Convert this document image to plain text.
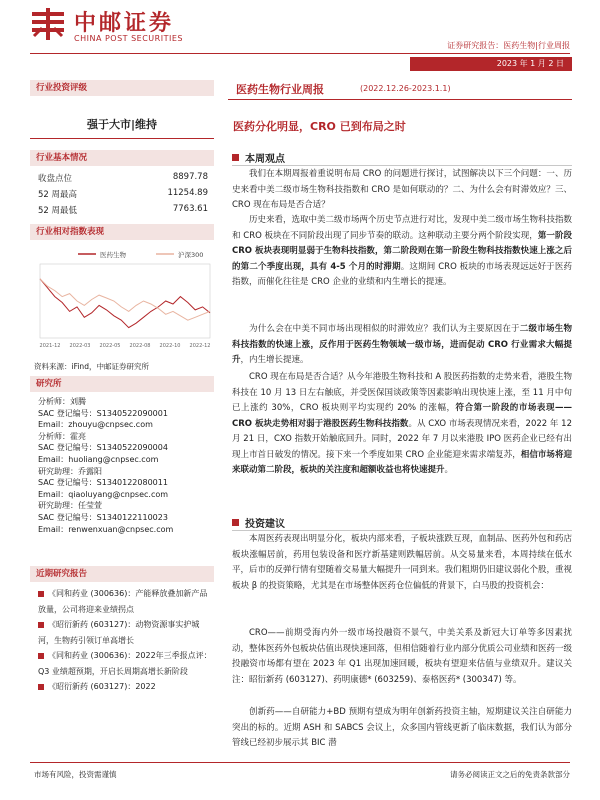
中邮证券
CHINA POST SECURITIES
证券研究报告：医药生物|行业周报
2023 年 1 月 2 日
行业投资评级
强于大市|维持
行业基本情况
收盘点位	8897.78
52 周最高	11254.89
52 周最低	7763.61
行业相对指数表现
医药生物	沪深300
2021-12 2022-03 2022-05 2022-08 2022-10 2022-12
资料来源：iFind，中邮证券研究所
研究所
分析师：刘腾
SAC 登记编号：S1340522090001
Email：zhouyu@cnpsec.com
分析师：霍亮
SAC 登记编号：S1340522090004
Email：huoliang@cnpsec.com
研究助理：乔露阳
SAC 登记编号：S1340122080011
Email：qiaoluyang@cnpsec.com
研究助理：任莹萱
SAC 登记编号：S1340122110023
Email：renwenxuan@cnpsec.com
近期研究报告
《同和药业 (300636)：产能释放叠加新产品放量，公司将迎来业绩拐点
《昭衍新药 (603127)：动物资源事实护城河，生物药引领订单高增长
《同和药业 (300636)：2022年三季报点评：Q3 业绩超预期，开启长周期高增长新阶段
《昭衍新药 (603127)：2022
医药生物行业周报	(2022.12.26-2023.1.1)
医药分化明显，CRO 已到布局之时
本周观点
我们在本期周报着重说明布局 CRO 的问题进行探讨，试图解决以下三个问题：一、历史来看中美二级市场生物科技指数和 CRO 是如何联动的？二、为什么会有时滞效应？三、CRO 现在布局是否合适？
历史来看，选取中美二级市场两个历史节点进行对比，发现中美二级市场生物科技指数和 CRO 板块在不同阶段出现了同步节奏的联动。这种联动主要分两个阶段实现，第一阶段 CRO 板块表现明显弱于生物科技指数，第二阶段则在第一阶段生物科技指数快速上涨之后的第二个季度出现，具有 4-5 个月的时滞期。这期间 CRO 板块的市场表现远远好于医药指数，而催化往往是 CRO 企业的业绩和内生增长的提速。
为什么会在中美不同市场出现相似的时滞效应？我们认为主要原因在于二级市场生物科技指数的快速上涨，反作用于医药生物领域一级市场，进而促动 CRO 行业需求大幅提升，内生增长提速。
CRO 现在布局是否合适？从今年港股生物科技和 A 股医药指数的走势来看，港股生物科技在 10 月 13 日左右触底，并受医保国谈政策等因素影响出现快速上涨，至 11 月中旬已上涨约 30%，CRO 板块则平均实现约 20% 的涨幅，符合第一阶段的市场表现——CRO 板块走势相对弱于港股医药生物科技指数。从 CXO 市场表现情况来看，2022 年 12 月 21 日，CXO 指数开始触底回升。同时，2022 年 7 月以来港股 IPO 医药企业已经有出现上市首日破发的情况。接下来一个季度如果 CRO 企业能迎来需求端复苏，相信市场将迎来联动第二阶段，板块的关注度和超额收益也将快速提升。
投资建议
本周医药表现出明显分化，板块内部来看，子板块涨跌互现，血制品、医药外包和药店板块涨幅居前，药用包装设备和医疗新基建则跌幅居前。从交易量来看，本周持续在低水平，后市的反弹行情有望随着交易量大幅提升一同到来。我们粗期仍旧建议弱化个股，重视板块 β 的投资策略，尤其是在市场整体医药仓位偏低的背景下，白马股的投资机会：
CRO——前期受海内外一级市场投融资不景气，中美关系及新冠大订单等多因素扰动，整体医药外包板块估值出现快速回落，但相信随着行业内部分优质公司业绩和医药一级投融资市场都有望在 2023 年 Q1 出现加速回暖，板块有望迎来估值与业绩双升。建议关注：昭衍新药 (603127)、药明康德* (603259)、泰格医药* (300347) 等。
创新药——自研能力+BD 预期有望成为明年创新药投资主轴，短期建议关注自研能力突出的标的。近期 ASH 和 SABCS 会议上，众多国内管线更新了临床数据，我们认为部分管线已经初步展示其 BIC 潜
市场有风险，投资需谨慎	请务必阅读正文之后的免责条款部分
